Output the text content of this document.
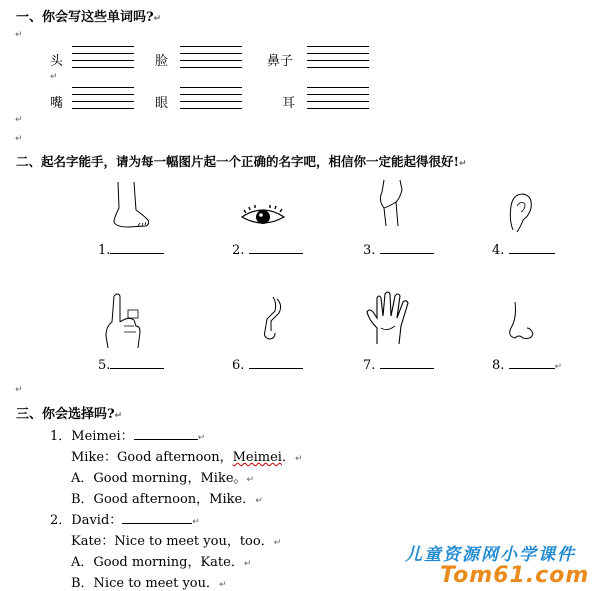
一、你会写这些单词吗?↵
↵
头	脸	鼻子
↵
嘴	眼	耳
↵
↵
二、起名字能手，请为每一幅图片起一个正确的名字吧，相信你一定能起得很好!↵
1.	2.	3.	4.
5.	6.	7.	8.	↵
↵
三、你会选择吗?↵
1．Meimei：	↵
Mike：Good afternoon，Meimei．↵
A．Good morning，Mike。↵
B．Good afternoon，Mike．↵
2．David：	↵
Kate：Nice to meet you，too．↵
A．Good morning，Kate．↵
B．Nice to meet you．↵
儿童资源网小学课件
Tom61.com
